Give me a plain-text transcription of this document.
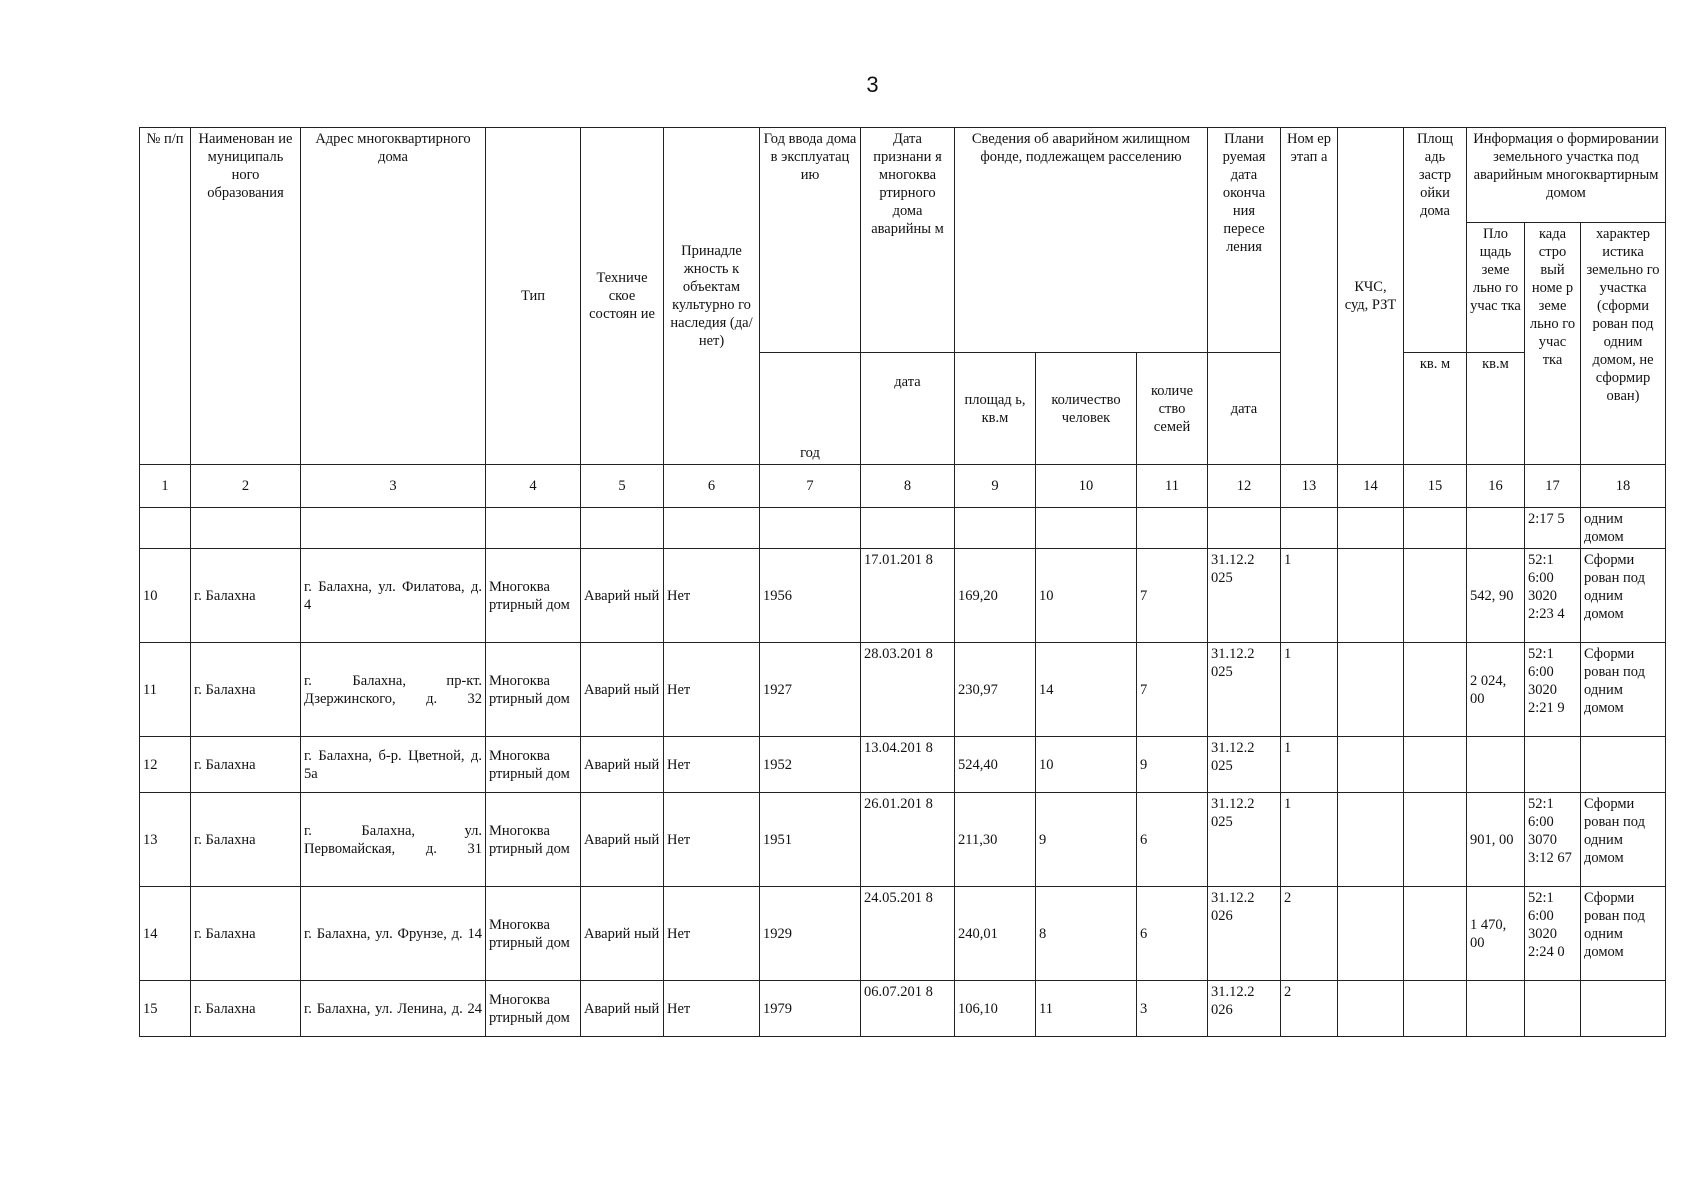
3
№ п/п	Наименован ие муниципаль ного образования	Адрес многоквартирного дома	Тип	Техниче ское состоян ие	Принадле жность к объектам культурно го наследия (да/нет)	Год ввода дома в эксплуатац ию	Дата признани я многоква ртирного дома аварийны м	Сведения об аварийном жилищном фонде, подлежащем расселению			Плани руемая дата оконча ния пересе ления	Ном ер этап а	КЧС, суд, РЗТ	Площ адь застр ойки дома	Информация о формировании земельного участка под аварийным многоквартирным домом		
															Пло щадь земе льно го учас тка	када стро вый номе р земе льно го учас тка	характер истика земельно го участка (сформи рован под одним домом, не сформир ован)
						год	дата	площад ь, кв.м	количество человек	количе ство семей	дата			кв. м	кв.м		
1	2	3	4	5	6	7	8	9	10	11	12	13	14	15	16	17	18
																2:17 5	одним домом
10	г. Балахна	г. Балахна, ул. Филатова, д. 4	Многоква ртирный дом	Аварий ный	Нет	1956	17.01.201 8	169,20	10	7	31.12.2 025	1			542, 90	52:1 6:00 3020 2:23 4	Сформи рован под одним домом
11	г. Балахна	г. Балахна, пр-кт. Дзержинского, д. 32	Многоква ртирный дом	Аварий ный	Нет	1927	28.03.201 8	230,97	14	7	31.12.2 025	1			2 024, 00	52:1 6:00 3020 2:21 9	Сформи рован под одним домом
12	г. Балахна	г. Балахна, б-р. Цветной, д. 5а	Многоква ртирный дом	Аварий ный	Нет	1952	13.04.201 8	524,40	10	9	31.12.2 025	1					
13	г. Балахна	г. Балахна, ул. Первомайская, д. 31	Многоква ртирный дом	Аварий ный	Нет	1951	26.01.201 8	211,30	9	6	31.12.2 025	1			901, 00	52:1 6:00 3070 3:12 67	Сформи рован под одним домом
14	г. Балахна	г. Балахна, ул. Фрунзе, д. 14	Многоква ртирный дом	Аварий ный	Нет	1929	24.05.201 8	240,01	8	6	31.12.2 026	2			1 470, 00	52:1 6:00 3020 2:24 0	Сформи рован под одним домом
15	г. Балахна	г. Балахна, ул. Ленина, д. 24	Многоква ртирный дом	Аварий ный	Нет	1979	06.07.201 8	106,10	11	3	31.12.2 026	2					
